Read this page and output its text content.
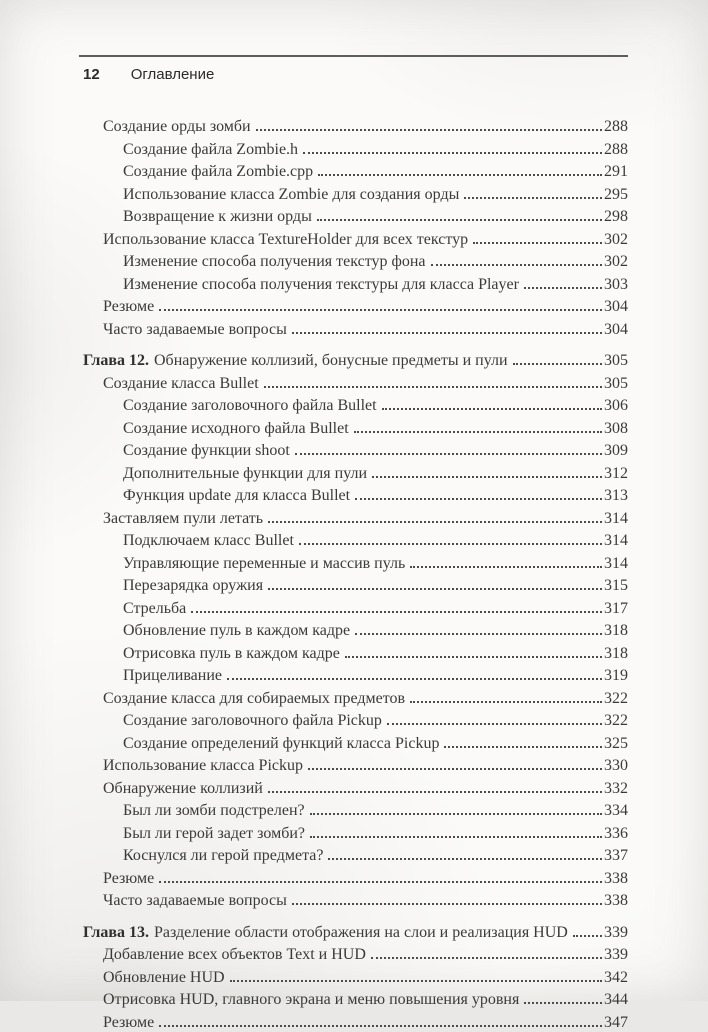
12 Оглавление
Создание орды зомби	288
Создание файла Zombie.h	288
Создание файла Zombie.cpp	291
Использование класса Zombie для создания орды	295
Возвращение к жизни орды	298
Использование класса TextureHolder для всех текстур	302
Изменение способа получения текстур фона	302
Изменение способа получения текстуры для класса Player	303
Резюме	304
Часто задаваемые вопросы	304
Глава 12. Обнаружение коллизий, бонусные предметы и пули	305
Создание класса Bullet	305
Создание заголовочного файла Bullet	306
Создание исходного файла Bullet	308
Создание функции shoot	309
Дополнительные функции для пули	312
Функция update для класса Bullet	313
Заставляем пули летать	314
Подключаем класс Bullet	314
Управляющие переменные и массив пуль	314
Перезарядка оружия	315
Стрельба	317
Обновление пуль в каждом кадре	318
Отрисовка пуль в каждом кадре	318
Прицеливание	319
Создание класса для собираемых предметов	322
Создание заголовочного файла Pickup	322
Создание определений функций класса Pickup	325
Использование класса Pickup	330
Обнаружение коллизий	332
Был ли зомби подстрелен?	334
Был ли герой задет зомби?	336
Коснулся ли герой предмета?	337
Резюме	338
Часто задаваемые вопросы	338
Глава 13. Разделение области отображения на слои и реализация HUD 339
Добавление всех объектов Text и HUD	339
Обновление HUD	342
Отрисовка HUD, главного экрана и меню повышения уровня	344
Резюме	347
